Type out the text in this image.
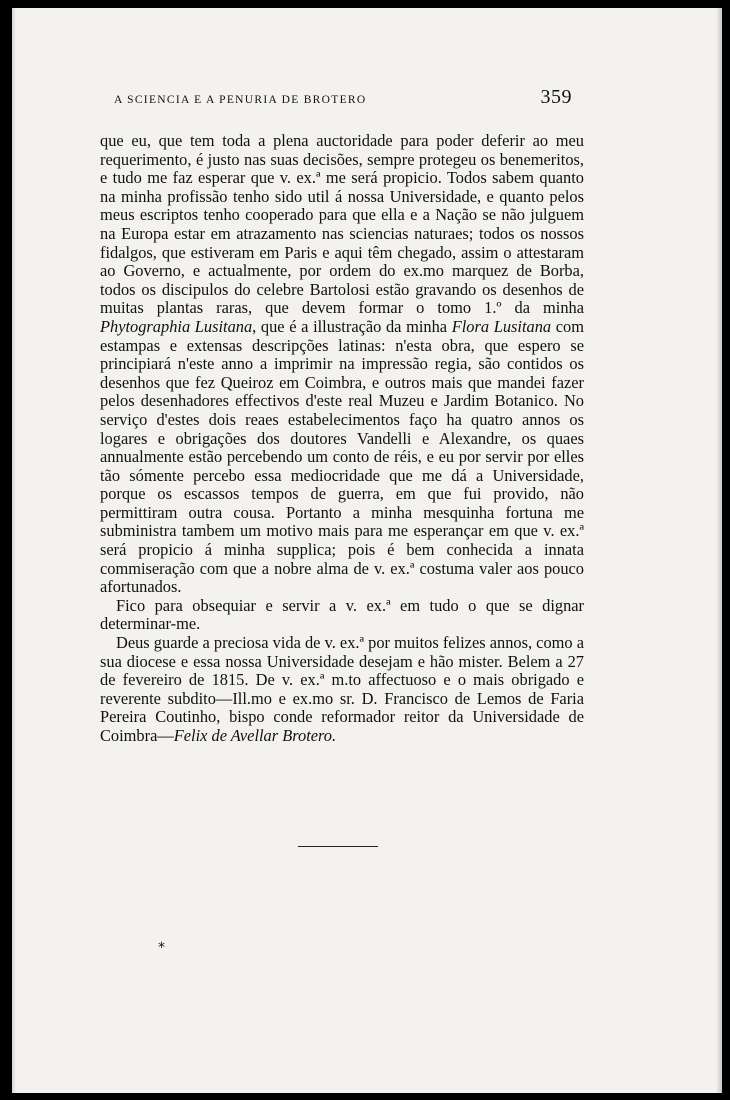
A SCIENCIA E A PENURIA DE BROTERO	359

que eu, que tem toda a plena auctoridade para poder deferir ao meu requerimento, é justo nas suas decisões, sempre protegeu os benemeritos, e tudo me faz esperar que v. ex.ª me será propicio. Todos sabem quanto na minha profissão tenho sido util á nossa Universidade, e quanto pelos meus escriptos tenho cooperado para que ella e a Nação se não julguem na Europa estar em atrazamento nas sciencias naturaes; todos os nossos fidalgos, que estiveram em Paris e aqui têm chegado, assim o attestaram ao Governo, e actualmente, por ordem do ex.mo marquez de Borba, todos os discipulos do celebre Bartolosi estão gravando os desenhos de muitas plantas raras, que devem formar o tomo 1.º da minha Phytographia Lusitana, que é a illustração da minha Flora Lusitana com estampas e extensas descripções latinas: n'esta obra, que espero se principiará n'este anno a imprimir na impressão regia, são contidos os desenhos que fez Queiroz em Coimbra, e outros mais que mandei fazer pelos desenhadores effectivos d'este real Muzeu e Jardim Botanico. No serviço d'estes dois reaes estabelecimentos faço ha quatro annos os logares e obrigações dos doutores Vandelli e Alexandre, os quaes annualmente estão percebendo um conto de réis, e eu por servir por elles tão sómente percebo essa mediocridade que me dá a Universidade, porque os escassos tempos de guerra, em que fui provido, não permittiram outra cousa. Portanto a minha mesquinha fortuna me subministra tambem um motivo mais para me esperançar em que v. ex.ª será propicio á minha supplica; pois é bem conhecida a innata commiseração com que a nobre alma de v. ex.ª costuma valer aos pouco afortunados.

Fico para obsequiar e servir a v. ex.ª em tudo o que se dignar determinar-me.

Deus guarde a preciosa vida de v. ex.ª por muitos felizes annos, como a sua diocese e essa nossa Universidade desejam e hão mister. Belem a 27 de fevereiro de 1815. De v. ex.ª m.to affectuoso e o mais obrigado e reverente subdito—Ill.mo e ex.mo sr. D. Francisco de Lemos de Faria Pereira Coutinho, bispo conde reformador reitor da Universidade de Coimbra—Felix de Avellar Brotero.

*
